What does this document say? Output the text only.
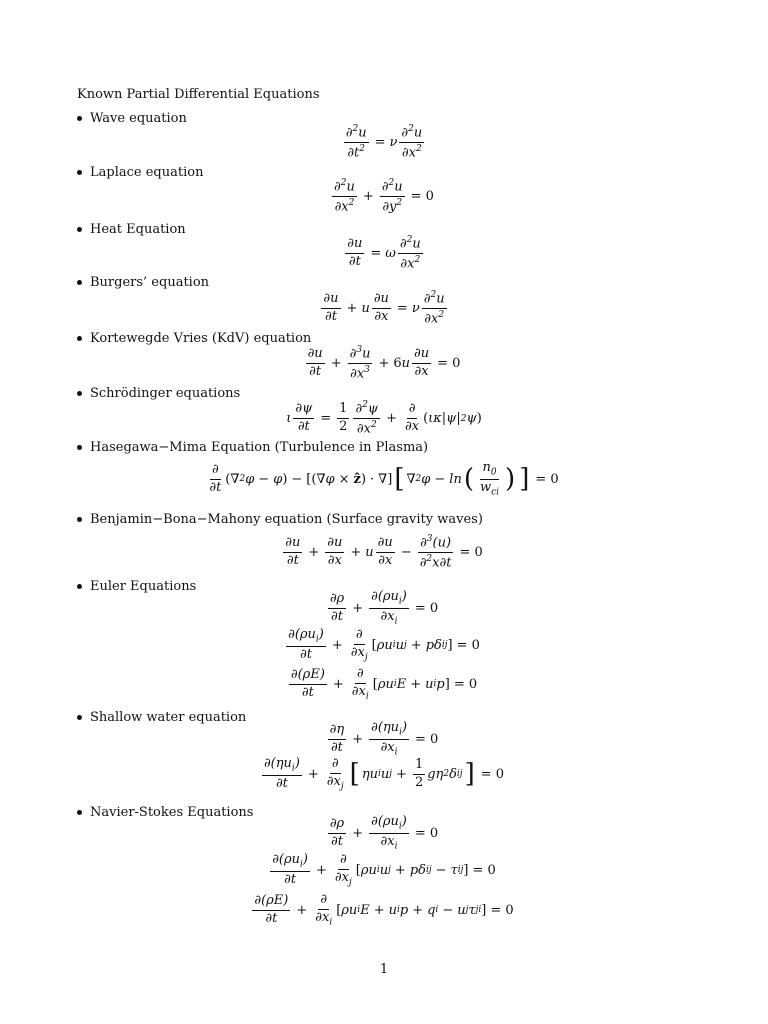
Known Partial Differential Equations
Wave equation
$\frac{\partial^2u}{\partial t^2} = \nu \frac{\partial^2u}{\partial x^2}$
Laplace equation
$\frac{\partial^2u}{\partial x^2} + \frac{\partial^2u}{\partial y^2} = 0$
Heat Equation
$\frac{\partial u}{\partial t} = \omega \frac{\partial^2u}{\partial x^2}$
Burgers’ equation
$\frac{\partial u}{\partial t} + u \frac{\partial u}{\partial x} = \nu \frac{\partial^2u}{\partial x^2}$
Kortewegde Vries (KdV) equation
$\frac{\partial u}{\partial t} + \frac{\partial^3u}{\partial x^3} + 6$ u $\frac{\partial u}{\partial x} = 0$
Schrödinger equations
ι $\frac{\partial\psi}{\partial t} = \frac{1}{2} \frac{\partial^2\psi}{\partial x^2} + \frac{\partial}{\partial x}$ ( ικ|ψ| 2 ψ )
Hasegawa−Mima Equation (Turbulence in Plasma)
$\frac{\partial}{\partial t}$ (∇ 2 φ − φ ) − [(∇ φ × ẑ ) · ∇] [ ∇ 2 φ − ln ( $\frac{n_0}{w_{ci}}$ ) ] = 0
Benjamin−Bona−Mahony equation (Surface gravity waves)
$\frac{\partial u}{\partial t} + \frac{\partial u}{\partial x} + u \frac{\partial u}{\partial x} - \frac{\partial^3(u)}{\partial^2x\partial t} = 0$
Euler Equations
$\frac{\partial\rho}{\partial t} + \frac{\partial(\rho u_i)}{\partial x_i} = 0$
$\frac{\partial(\rho u_i)}{\partial t} + \frac{\partial}{\partial x_j}$ [ ρu i u j + pδ ij ] = 0
$\frac{\partial(\rho E)}{\partial t} + \frac{\partial}{\partial x_i}$ [ ρu i E + u i p ] = 0
Shallow water equation
$\frac{\partial\eta}{\partial t} + \frac{\partial(\eta u_i)}{\partial x_i} = 0$
$\frac{\partial(\eta u_i)}{\partial t} + \frac{\partial}{\partial x_j}$ [ ηu i u $j + \frac{1}{2}$ gη 2 δ ij ] = 0
Navier-Stokes Equations
$\frac{\partial\rho}{\partial t} + \frac{\partial(\rho u_i)}{\partial x_i} = 0$
$\frac{\partial(\rho u_i)}{\partial t} + \frac{\partial}{\partial x_j}$ [ ρu i u j + pδ ij − τ ij ] = 0
$\frac{\partial(\rho E)}{\partial t} + \frac{\partial}{\partial x_i}$ [ ρu i E + u i p + q i − u j τ ji ] = 0
1
